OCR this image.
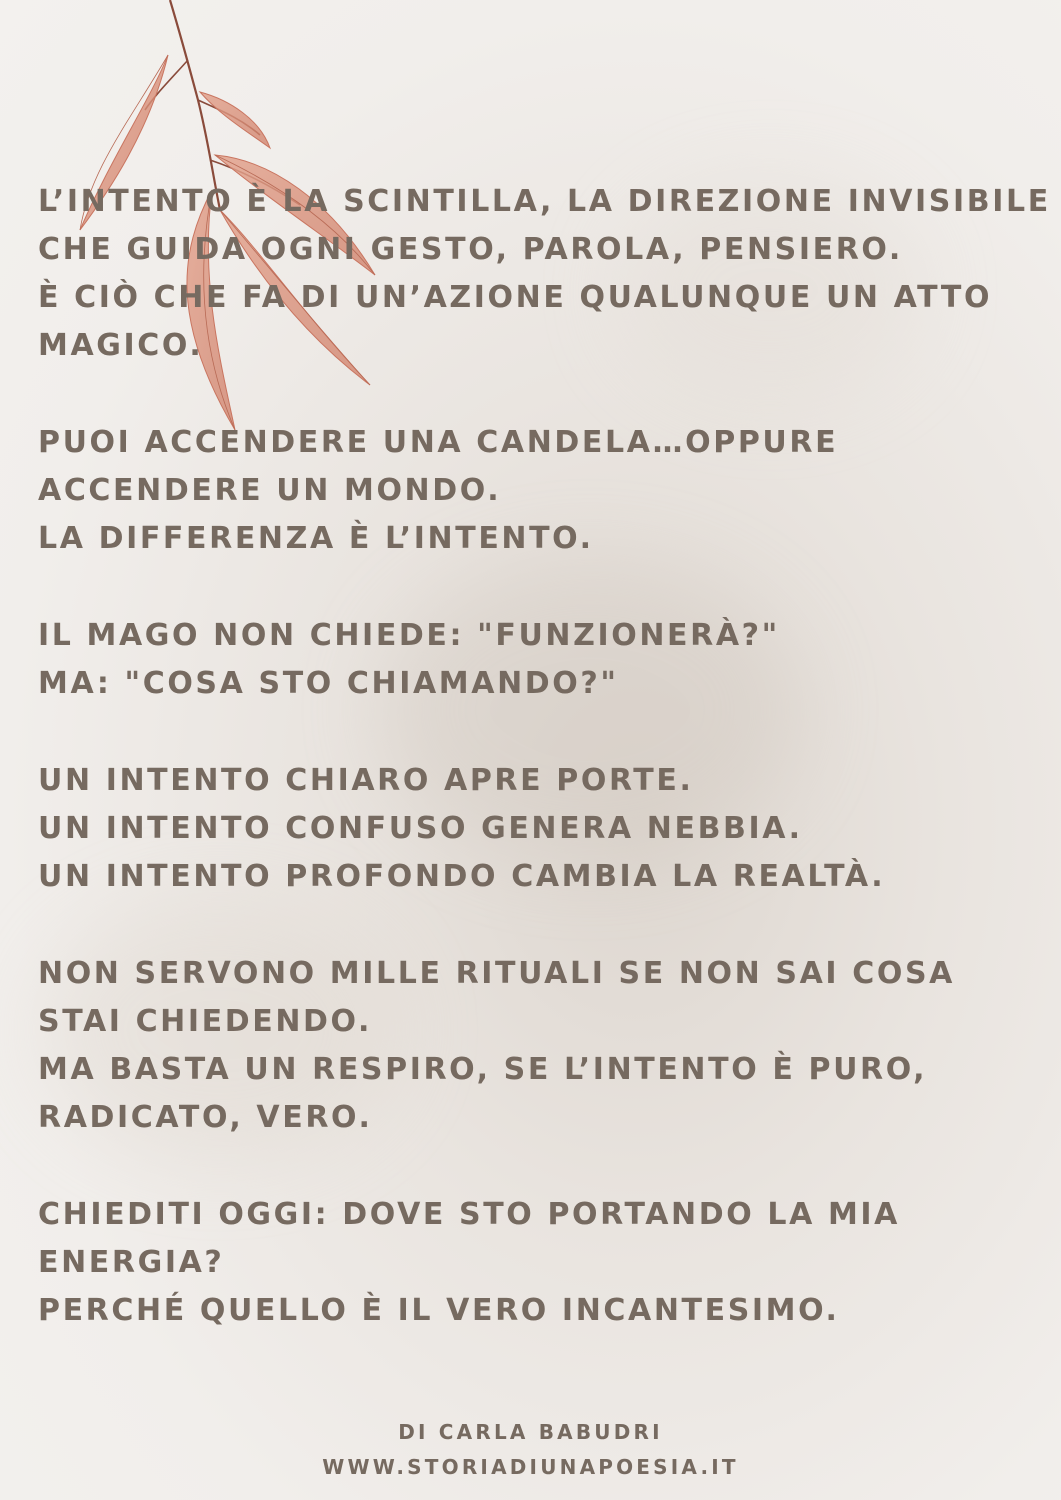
L’INTENTO È LA SCINTILLA, LA DIREZIONE INVISIBILE
CHE GUIDA OGNI GESTO, PAROLA, PENSIERO.
È CIÒ CHE FA DI UN’AZIONE QUALUNQUE UN ATTO
MAGICO.
PUOI ACCENDERE UNA CANDELA…OPPURE
ACCENDERE UN MONDO.
LA DIFFERENZA È L’INTENTO.
IL MAGO NON CHIEDE: "FUNZIONERÀ?"
MA: "COSA STO CHIAMANDO?"
UN INTENTO CHIARO APRE PORTE.
UN INTENTO CONFUSO GENERA NEBBIA.
UN INTENTO PROFONDO CAMBIA LA REALTÀ.
NON SERVONO MILLE RITUALI SE NON SAI COSA
STAI CHIEDENDO.
MA BASTA UN RESPIRO, SE L’INTENTO È PURO,
RADICATO, VERO.
CHIEDITI OGGI: DOVE STO PORTANDO LA MIA
ENERGIA?
PERCHÉ QUELLO È IL VERO INCANTESIMO.
DI CARLA BABUDRI
WWW.STORIADIUNAPOESIA.IT
